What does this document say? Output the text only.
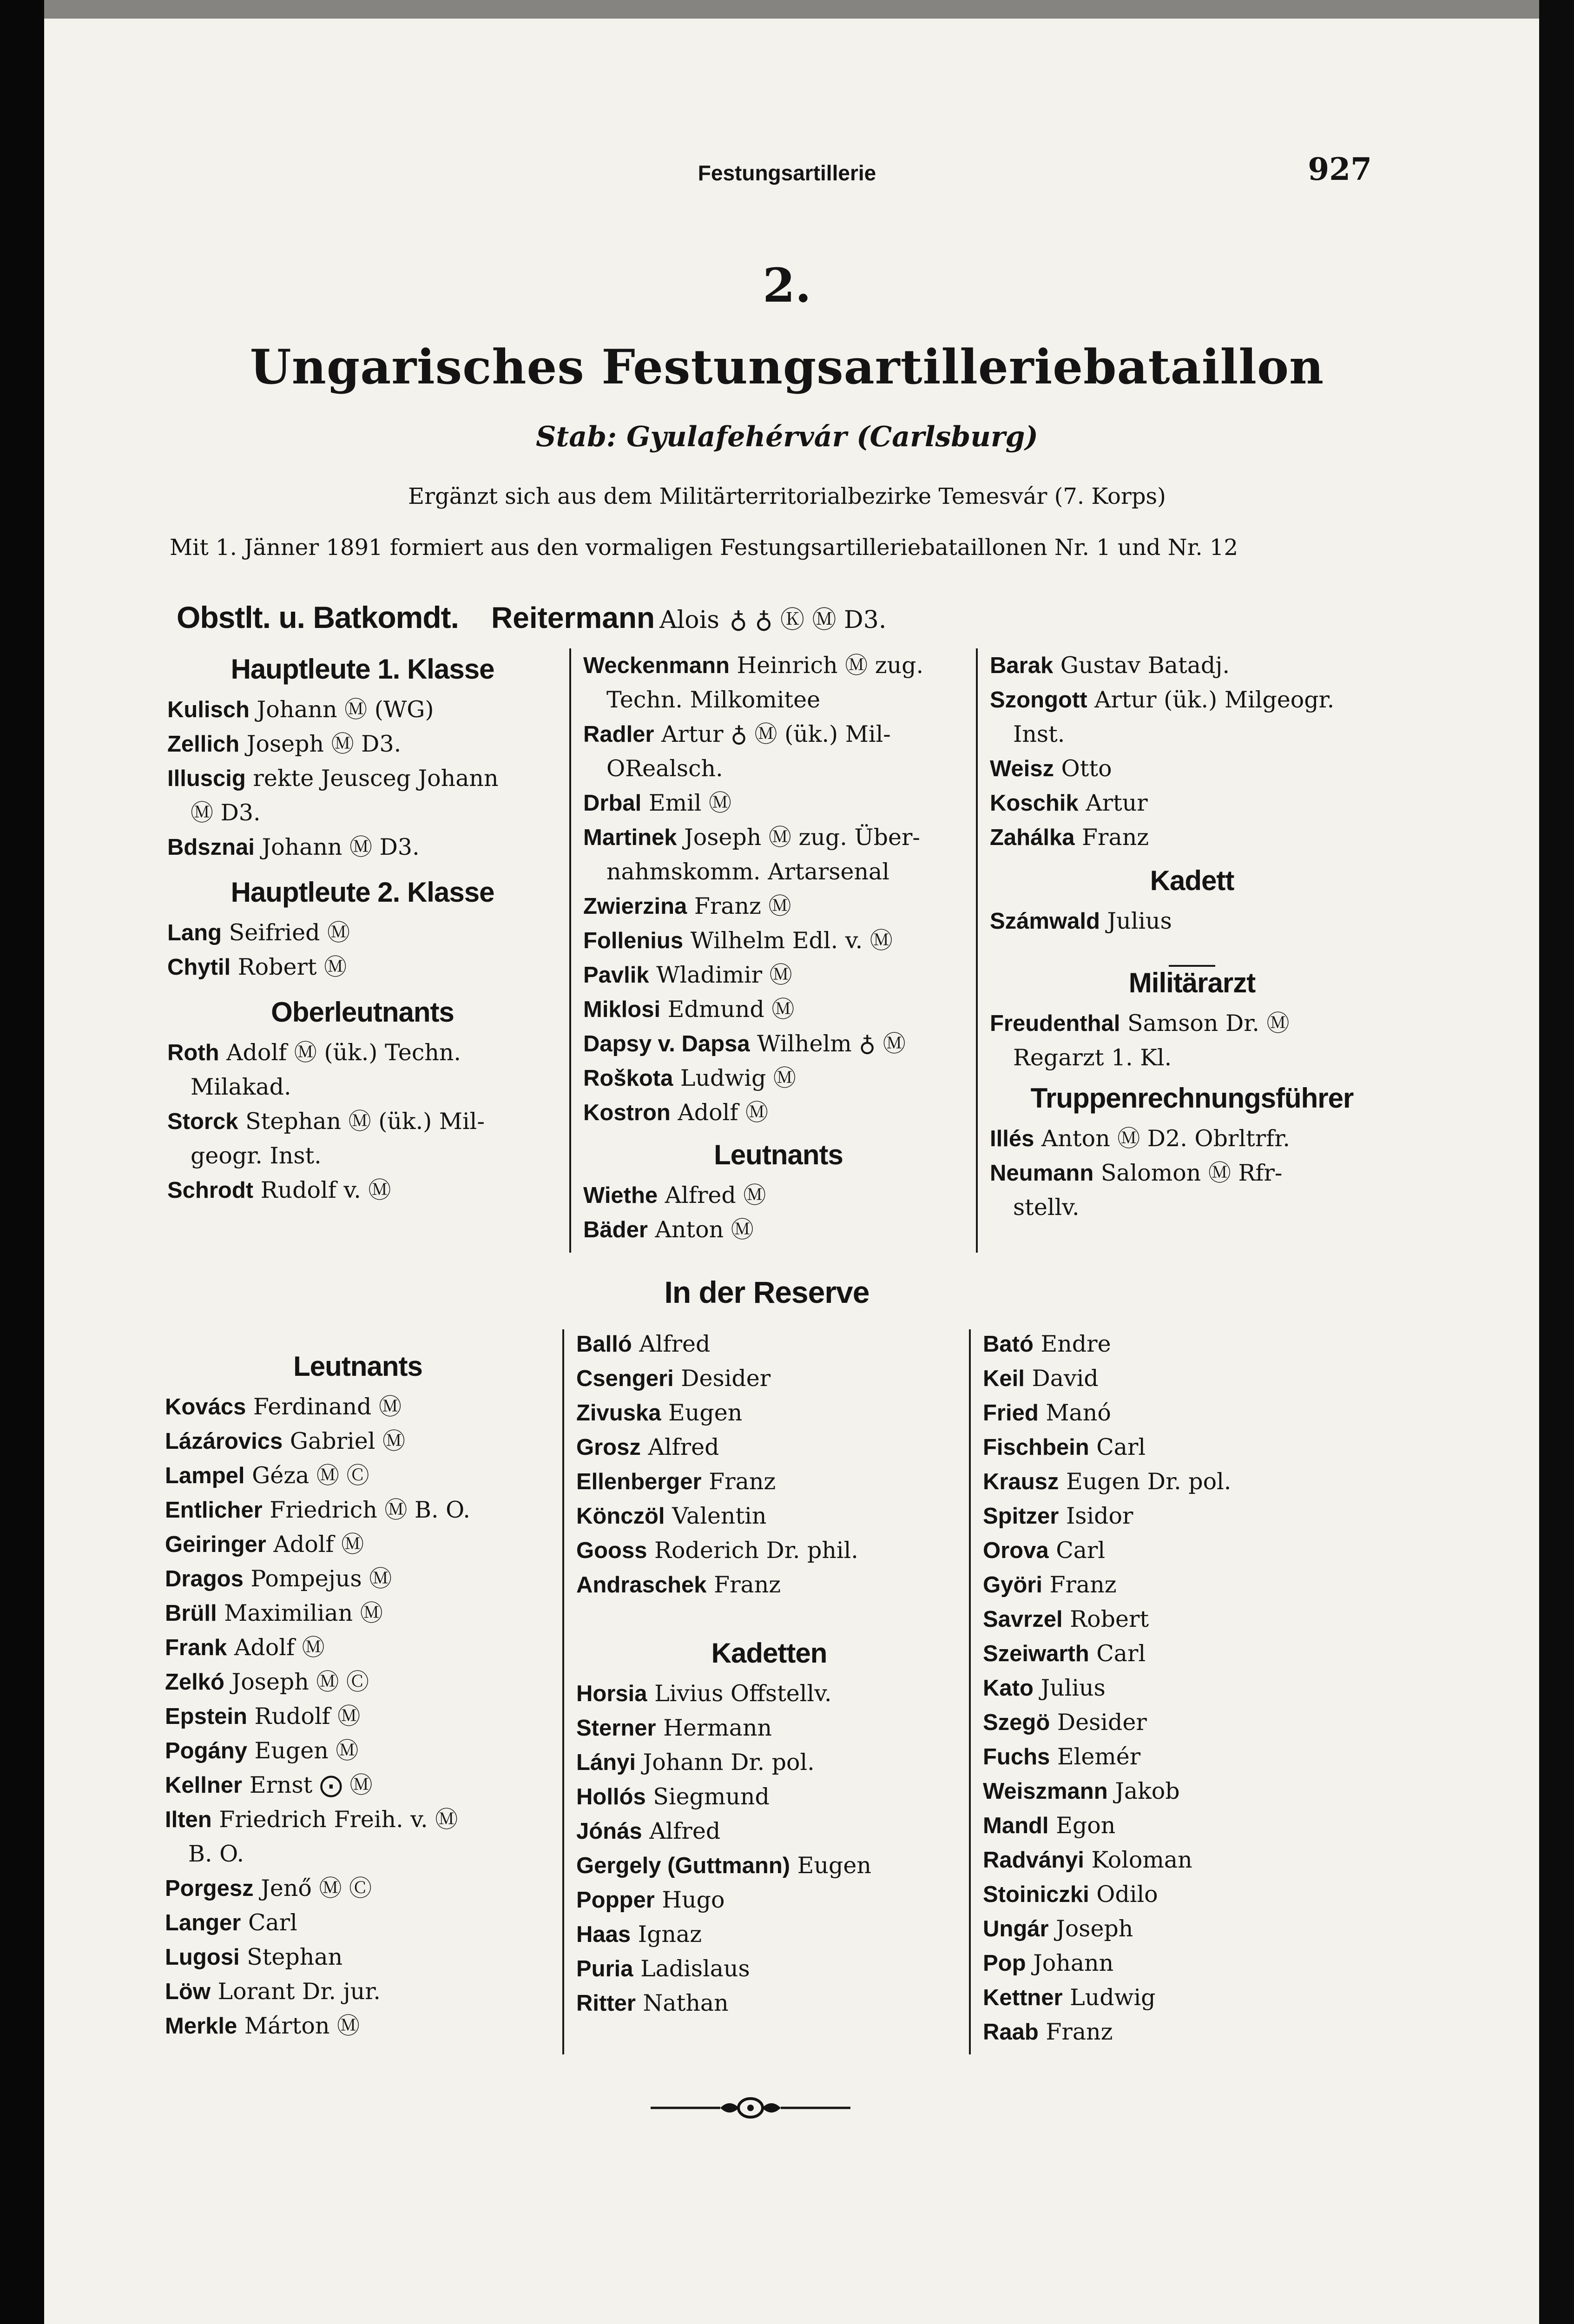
Festungsartillerie	927
2.
Ungarisches Festungsartilleriebataillon
Stab: Gyulafehérvár (Carlsburg)
Ergänzt sich aus dem Militärterritorialbezirke Temesvár (7. Korps)
Mit 1. Jänner 1891 formiert aus den vormaligen Festungsartilleriebataillonen Nr. 1 und Nr. 12
Obstlt. u. Batkomdt. Reitermann Alois ♁ ♁ Ⓚ Ⓜ D3.
Hauptleute 1. Klasse
Kulisch Johann Ⓜ (WG)
Zellich Joseph Ⓜ D3.
Illuscig rekte Jeusceg Johann
Ⓜ D3.
Bdsznai Johann Ⓜ D3.
Hauptleute 2. Klasse
Lang Seifried Ⓜ
Chytil Robert Ⓜ
Oberleutnants
Roth Adolf Ⓜ (ük.) Techn.
Milakad.
Storck Stephan Ⓜ (ük.) Mil-
geogr. Inst.
Schrodt Rudolf v. Ⓜ
Weckenmann Heinrich Ⓜ zug.
Techn. Milkomitee
Radler Artur ♁ Ⓜ (ük.) Mil-
ORealsch.
Drbal Emil Ⓜ
Martinek Joseph Ⓜ zug. Über-
nahmskomm. Artarsenal
Zwierzina Franz Ⓜ
Follenius Wilhelm Edl. v. Ⓜ
Pavlik Wladimir Ⓜ
Miklosi Edmund Ⓜ
Dapsy v. Dapsa Wilhelm ♁ Ⓜ
Roškota Ludwig Ⓜ
Kostron Adolf Ⓜ
Leutnants
Wiethe Alfred Ⓜ
Bäder Anton Ⓜ
Barak Gustav Batadj.
Szongott Artur (ük.) Milgeogr.
Inst.
Weisz Otto
Koschik Artur
Zahálka Franz
Kadett
Számwald Julius
Militärarzt
Freudenthal Samson Dr. Ⓜ
Regarzt 1. Kl.
Truppenrechnungsführer
Illés Anton Ⓜ D2. Obrltrfr.
Neumann Salomon Ⓜ Rfr-
stellv.
In der Reserve
Leutnants
Kovács Ferdinand Ⓜ
Lázárovics Gabriel Ⓜ
Lampel Géza Ⓜ Ⓒ
Entlicher Friedrich Ⓜ B. O.
Geiringer Adolf Ⓜ
Dragos Pompejus Ⓜ
Brüll Maximilian Ⓜ
Frank Adolf Ⓜ
Zelkó Joseph Ⓜ Ⓒ
Epstein Rudolf Ⓜ
Pogány Eugen Ⓜ
Kellner Ernst ⨀ Ⓜ
Ilten Friedrich Freih. v. Ⓜ
B. O.
Porgesz Jenő Ⓜ Ⓒ
Langer Carl
Lugosi Stephan
Löw Lorant Dr. jur.
Merkle Márton Ⓜ
Balló Alfred
Csengeri Desider
Zivuska Eugen
Grosz Alfred
Ellenberger Franz
Könczöl Valentin
Gooss Roderich Dr. phil.
Andraschek Franz
Kadetten
Horsia Livius Offstellv.
Sterner Hermann
Lányi Johann Dr. pol.
Hollós Siegmund
Jónás Alfred
Gergely (Guttmann) Eugen
Popper Hugo
Haas Ignaz
Puria Ladislaus
Ritter Nathan
Bató Endre
Keil David
Fried Manó
Fischbein Carl
Krausz Eugen Dr. pol.
Spitzer Isidor
Orova Carl
Györi Franz
Savrzel Robert
Szeiwarth Carl
Kato Julius
Szegö Desider
Fuchs Elemér
Weiszmann Jakob
Mandl Egon
Radványi Koloman
Stoiniczki Odilo
Ungár Joseph
Pop Johann
Kettner Ludwig
Raab Franz
